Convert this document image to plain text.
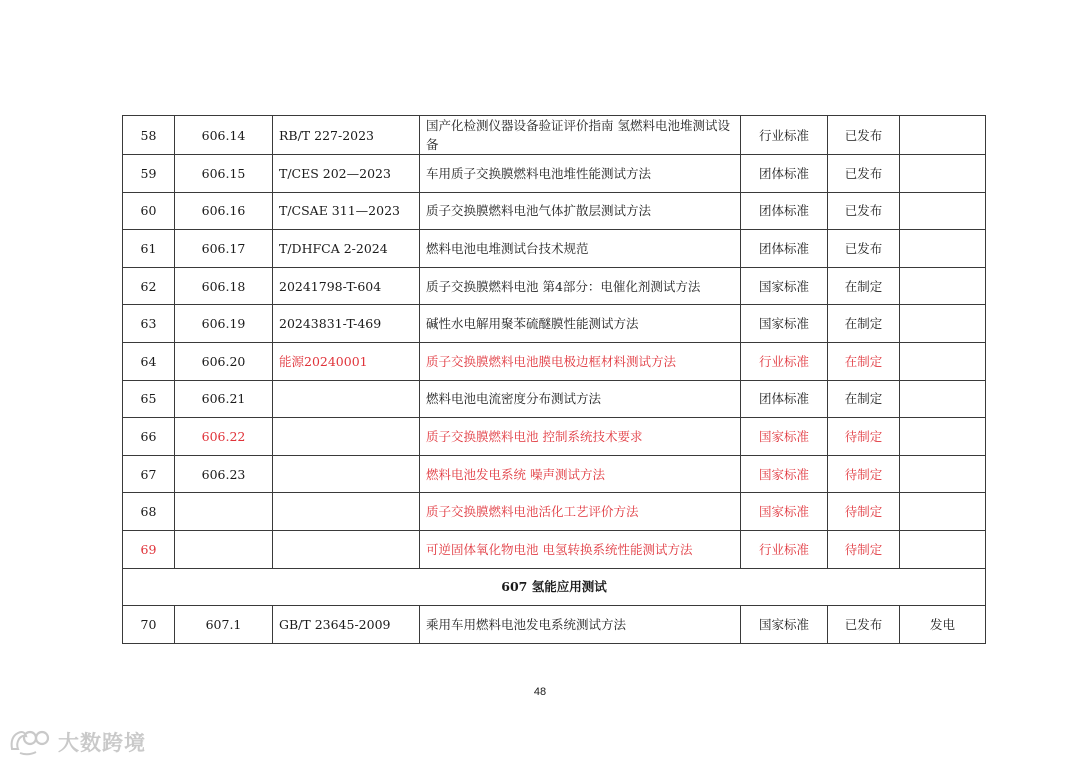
58	606.14	RB/T 227-2023	国产化检测仪器设备验证评价指南 氢燃料电池堆测试设备	行业标准	已发布	
59	606.15	T/CES 202—2023	车用质子交换膜燃料电池堆性能测试方法	团体标准	已发布	
60	606.16	T/CSAE 311—2023	质子交换膜燃料电池气体扩散层测试方法	团体标准	已发布	
61	606.17	T/DHFCA 2-2024	燃料电池电堆测试台技术规范	团体标准	已发布	
62	606.18	20241798-T-604	质子交换膜燃料电池 第4部分：电催化剂测试方法	国家标准	在制定	
63	606.19	20243831-T-469	碱性水电解用聚苯硫醚膜性能测试方法	国家标准	在制定	
64	606.20	能源20240001	质子交换膜燃料电池膜电极边框材料测试方法	行业标准	在制定	
65	606.21		燃料电池电流密度分布测试方法	团体标准	在制定	
66	606.22		质子交换膜燃料电池 控制系统技术要求	国家标准	待制定	
67	606.23		燃料电池发电系统 噪声测试方法	国家标准	待制定	
68			质子交换膜燃料电池活化工艺评价方法	国家标准	待制定	
69			可逆固体氧化物电池 电氢转换系统性能测试方法	行业标准	待制定	
607 氢能应用测试						
70	607.1	GB/T 23645-2009	乘用车用燃料电池发电系统测试方法	国家标准	已发布	发电
48
大数跨境
